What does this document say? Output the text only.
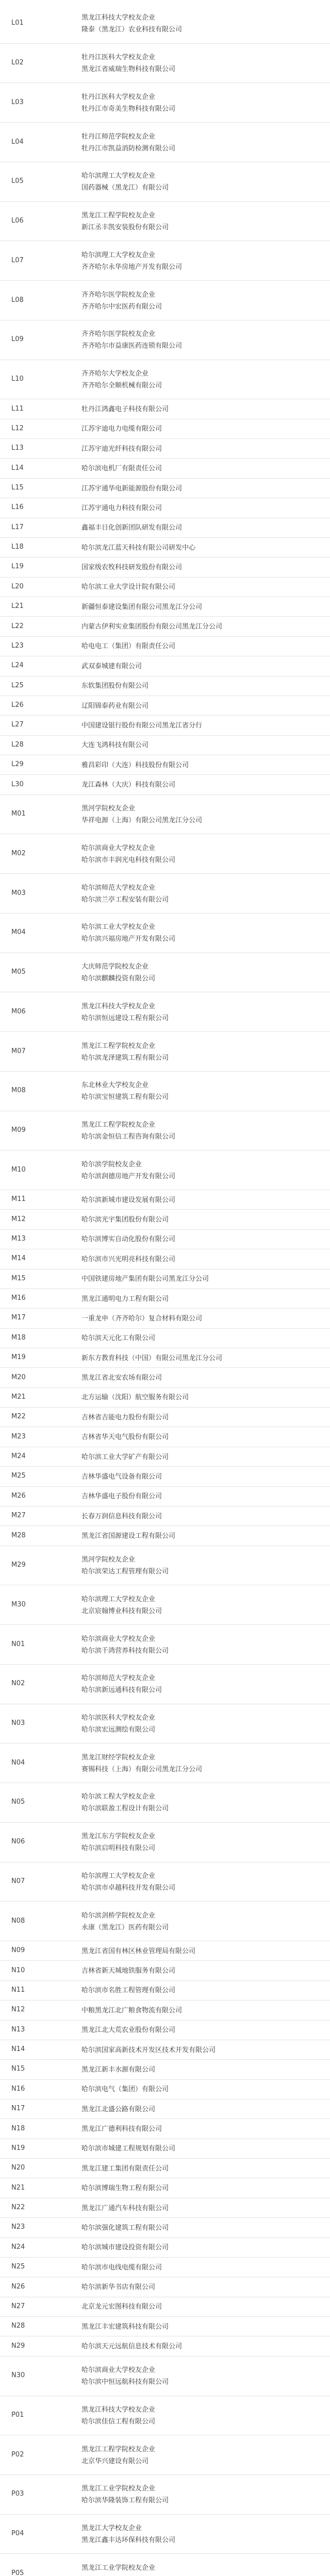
L01
黑龙江科技大学校友企业
隆泰（黑龙江）农业科技有限公司
L02
牡丹江医科大学校友企业
黑龙江省威瑞生物科技有限公司
L03
牡丹江医科大学校友企业
牡丹江市奇美生物科技有限公司
L04
牡丹江师范学院校友企业
牡丹江市凯益消防检测有限公司
L05
哈尔滨理工大学校友企业
国药器械（黑龙江）有限公司
L06
黑龙江工程学院校友企业
新江丞丰凯安装股份有限公司
L07
哈尔滨理工大学校友企业
齐齐哈尔永华房地产开发有限公司
L08
齐齐哈尔医学院校友企业
齐齐哈尔中宏医药有限公司
L09
齐齐哈尔医学院校友企业
齐齐哈尔市益康医药连锁有限公司
L10
齐齐哈尔大学校友企业
齐齐哈尔全顺机械有限公司
L11	牡丹江鸿鑫电子科技有限公司
L12	江苏宇迪电力电缆有限公司
L13	江苏宇迪光纤科技有限公司
L14	哈尔滨电机厂有限责任公司
L15	江苏宇通华电新能源股份有限公司
L16	江苏宇通电力科技有限公司
L17	鑫福丰日化创新团队研发有限公司
L18	哈尔滨龙江蓝天科技有限公司研发中心
L19	国家级农牧科技研发股份有限公司
L20	哈尔滨工业大学设计院有限公司
L21	新疆恒泰建设集团有限公司黑龙江分公司
L22	内蒙古伊利实业集团股份有限公司黑龙江分公司
L23	哈电电工（集团）有限责任公司
L24	武双泰城建有限公司
L25	东软集团股份有限公司
L26	辽阳锦泰药业有限公司
L27	中国建设银行股份有限公司黑龙江省分行
L28	大连飞鸿科技有限公司
L29	雅昌彩印（大连）科技股份有限公司
L30	龙江森林（大庆）科技有限公司
M01
黑河学院校友企业
华祥电源（上海）有限公司黑龙江分公司
M02
哈尔滨商业大学校友企业
哈尔滨市丰润光电科技有限公司
M03
哈尔滨师范大学校友企业
哈尔滨兰亭工程安装有限公司
M04
哈尔滨工业大学校友企业
哈尔滨兴福房地产开发有限公司
M05
大庆师范学院校友企业
哈尔滨麒麟投资有限公司
M06
黑龙江科技大学校友企业
哈尔滨恒远建设工程有限公司
M07
黑龙江工程学院校友企业
哈尔滨龙泽建筑工程有限公司
M08
东北林业大学校友企业
哈尔滨宝恒建筑工程有限公司
M09
黑龙江工程学院校友企业
哈尔滨金恒信工程咨询有限公司
M10
哈尔滨学院校友企业
哈尔滨润德房地产开发有限公司
M11	哈尔滨新城市建设发展有限公司
M12	哈尔滨光宇集团股份有限公司
M13	哈尔滨博实自动化股份有限公司
M14	哈尔滨市兴光明亮科技有限公司
M15	中国铁建房地产集团有限公司黑龙江分公司
M16	黑龙江通明电力工程有限公司
M17	一重龙申（齐齐哈尔）复合材料有限公司
M18	哈尔滨天元化工有限公司
M19	新东方教育科技（中国）有限公司黑龙江分公司
M20	黑龙江省北安农场有限公司
M21	北方运输（沈阳）航空服务有限公司
M22	吉林省吉能电力股份有限公司
M23	吉林省华天电气股份有限公司
M24	哈尔滨工业大学矿产有限公司
M25	吉林华盛电气设备有限公司
M26	吉林华盛电子股份有限公司
M27	长春万润信息科技有限公司
M28	黑龙江省国源建设工程有限公司
M29
黑河学院校友企业
哈尔滨荣达工程管理有限公司
M30
哈尔滨理工大学校友企业
北京宸翰博业科技有限公司
N01
哈尔滨商业大学校友企业
哈尔滨千鸿营养科技有限公司
N02
哈尔滨师范大学校友企业
哈尔滨新远通科技有限公司
N03
哈尔滨医科大学校友企业
哈尔滨宏远测绘有限公司
N04
黑龙江财经学院校友企业
赛锡科技（上海）有限公司黑龙江分公司
N05
哈尔滨工程大学校友企业
哈尔滨联盈工程设计有限公司
N06
黑龙江东方学院校友企业
哈尔滨启明科技有限公司
N07
哈尔滨理工大学校友企业
哈尔滨市卓越科技开发有限公司
N08
哈尔滨剑桥学院校友企业
永康（黑龙江）医药有限公司
N09	黑龙江省国有林区林业管理局有限公司
N10	吉林省新天城地铁服务有限公司
N11	哈尔滨市名胜工程管理有限公司
N12	中粮黑龙江北广粮食物流有限公司
N13	黑龙江北大荒农业股份有限公司
N14	哈尔滨国家高新技术开发区技术开发有限公司
N15	黑龙江新丰水源有限公司
N16	哈尔滨电气（集团）有限公司
N17	黑龙江北盛公路有限公司
N18	黑龙江广德利科技有限公司
N19	哈尔滨市城建工程规划有限公司
N20	黑龙江建工集团有限责任公司
N21	哈尔滨博瑞生物工程有限公司
N22	黑龙江广通汽车科技有限公司
N23	哈尔滨强化建筑工程有限公司
N24	哈尔滨城市建设投资有限公司
N25	哈尔滨市电线电缆有限公司
N26	哈尔滨新华书店有限公司
N27	北京龙元宏图科技有限公司
N28	黑龙江丰宏建筑科技有限公司
N29	哈尔滨天元远航信息技术有限公司
N30
哈尔滨商业大学校友企业
哈尔滨中恒远航科技有限公司
P01
黑龙江科技大学校友企业
哈尔滨佳信工程有限公司
P02
黑龙江工程学院校友企业
北京华兴建设有限公司
P03
黑龙江工业学院校友企业
哈尔滨华隆装饰工程有限公司
P04
黑龙江大学校友企业
黑龙江鑫丰达环保科技有限公司
P05
黑龙江工业学院校友企业
